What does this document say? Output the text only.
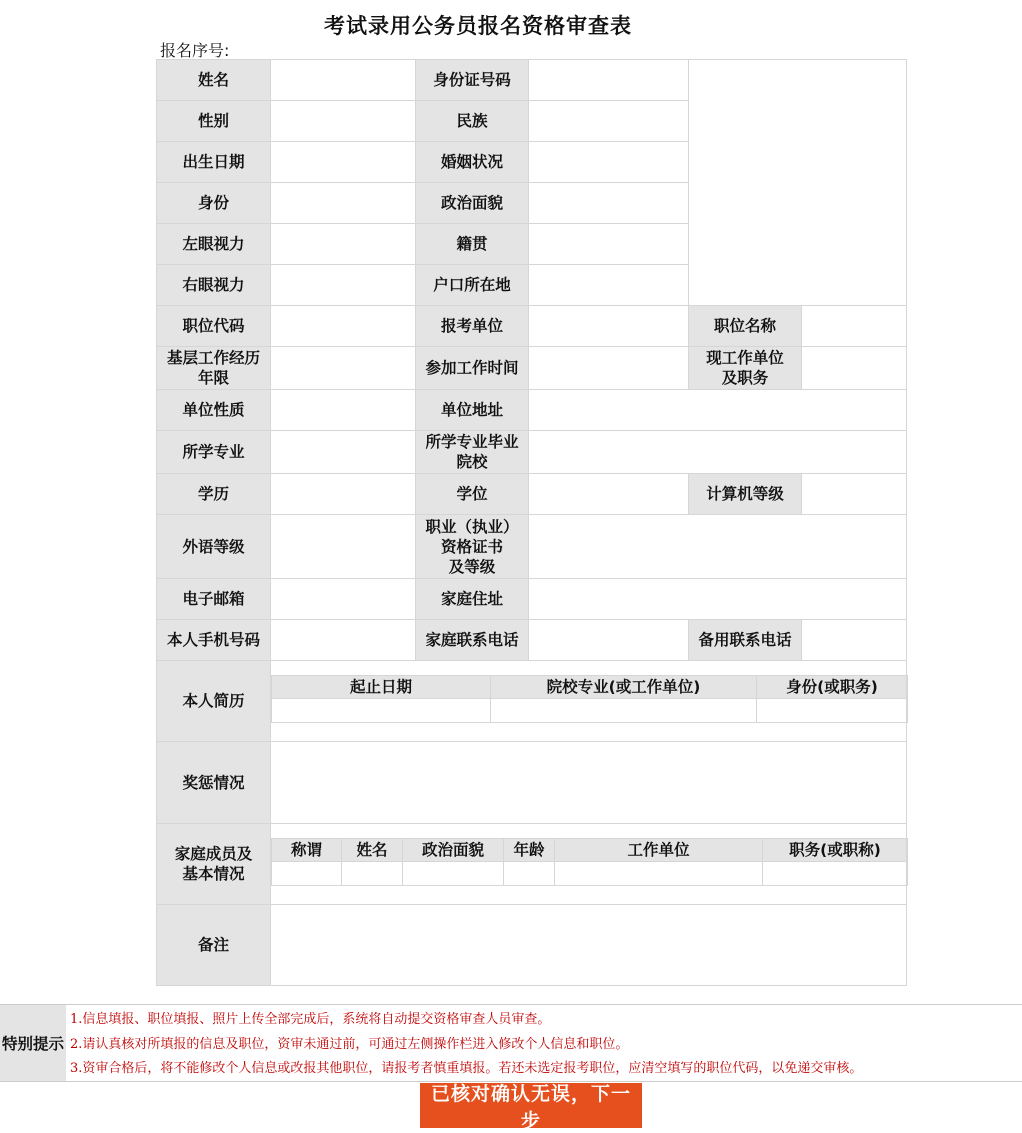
考试录用公务员报名资格审查表
报名序号:
姓名		身份证号码		
性别		民族	
出生日期		婚姻状况	
身份		政治面貌	
左眼视力		籍贯	
右眼视力		户口所在地	
职位代码		报考单位		职位名称	
基层工作经历
年限		参加工作时间		现工作单位
及职务	
单位性质		单位地址	
所学专业		所学专业毕业
院校	
学历		学位		计算机等级	
外语等级		职业（执业）
资格证书
及等级	
电子邮箱		家庭住址	
本人手机号码		家庭联系电话		备用联系电话	
本人简历	
起止日期	院校专业(或工作单位)	身份(或职务)

奖惩情况	
家庭成员及
基本情况	
称谓	姓名	政治面貌	年龄	工作单位	职务(或职称)

备注	
特别提示
1.信息填报、职位填报、照片上传全部完成后，系统将自动提交资格审查人员审查。
2.请认真核对所填报的信息及职位，资审未通过前，可通过左侧操作栏进入修改个人信息和职位。
3.资审合格后，将不能修改个人信息或改报其他职位，请报考者慎重填报。若还未选定报考职位，应清空填写的职位代码，以免递交审核。
已核对确认无误，下一步
